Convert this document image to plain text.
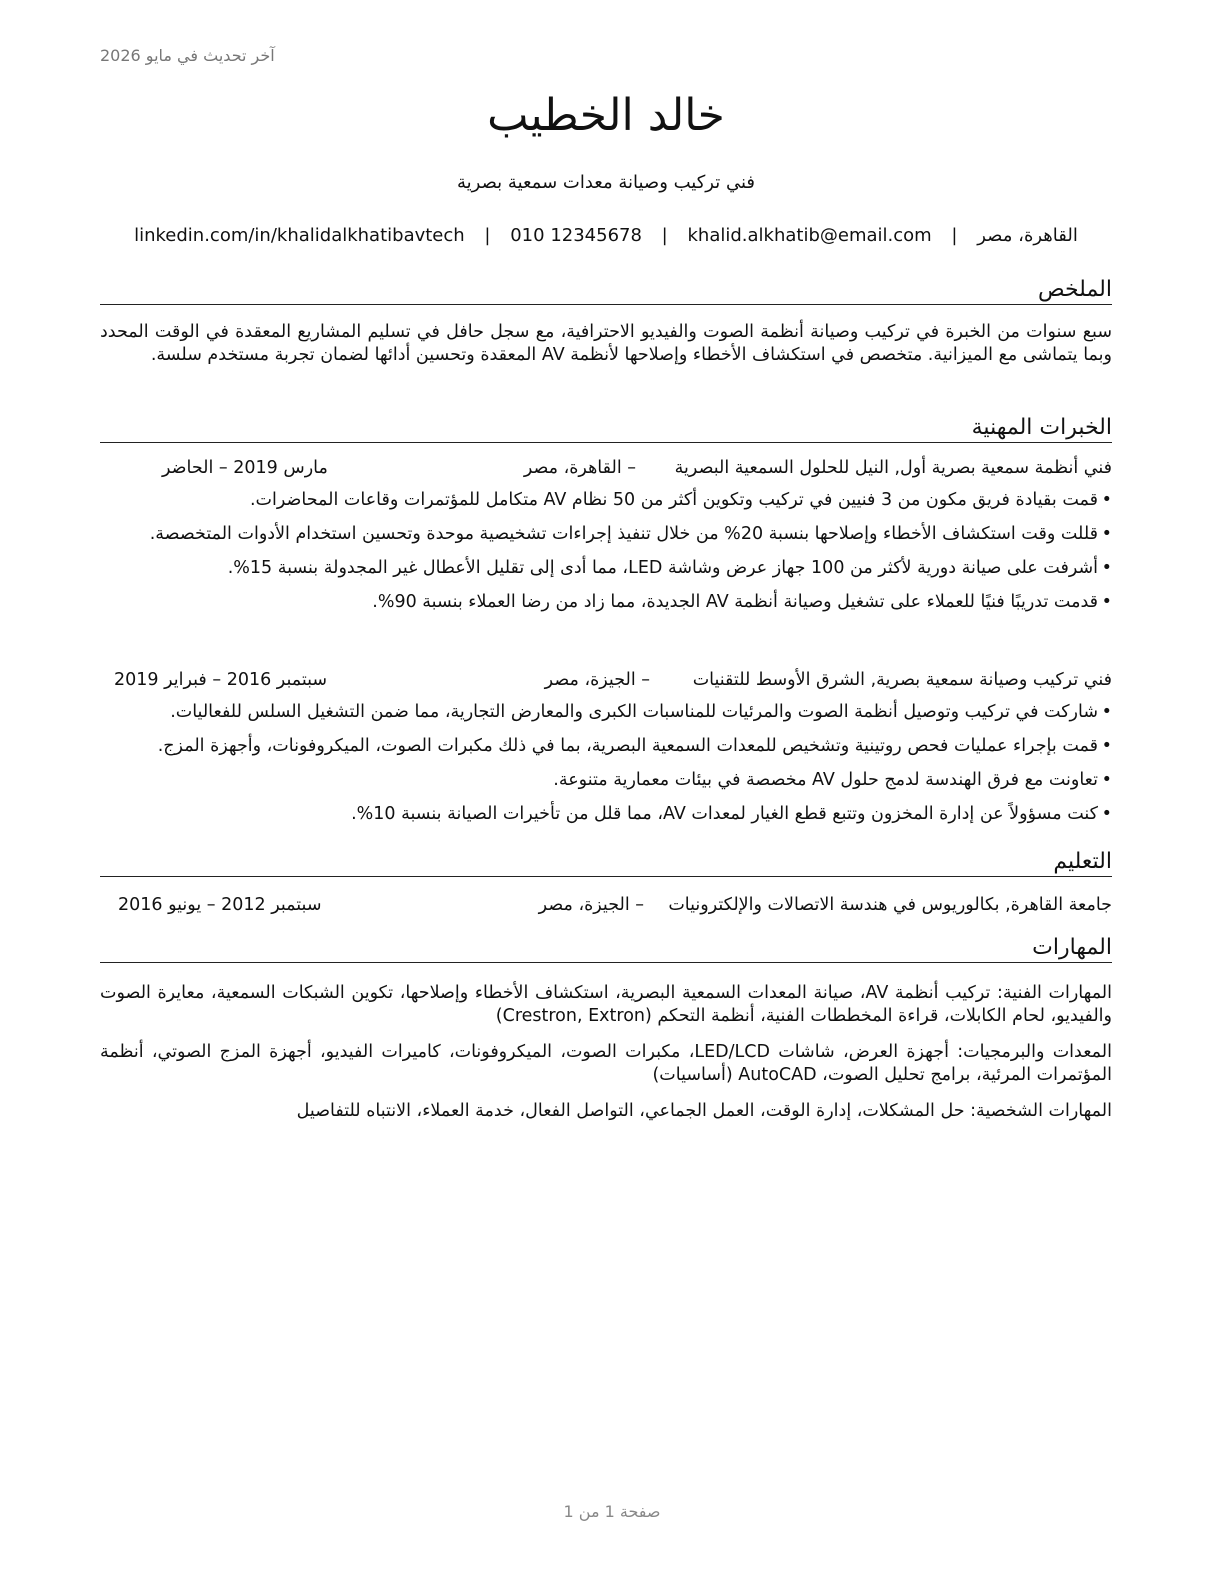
آخر تحديث في مايو 2026
خالد الخطيب
فني تركيب وصيانة معدات سمعية بصرية
القاهرة، مصر | khalid.alkhatib@email.com | 010 12345678 | linkedin.com/in/khalidalkhatibavtech
الملخص
سبع سنوات من الخبرة في تركيب وصيانة أنظمة الصوت والفيديو الاحترافية، مع سجل حافل في تسليم المشاريع المعقدة في الوقت المحدد وبما يتماشى مع الميزانية. متخصص في استكشاف الأخطاء وإصلاحها لأنظمة AV المعقدة وتحسين أدائها لضمان تجربة مستخدم سلسة.
الخبرات المهنية
فني أنظمة سمعية بصرية أول, النيل للحلول السمعية البصرية
– القاهرة، مصر
مارس 2019 – الحاضر
• قمت بقيادة فريق مكون من 3 فنيين في تركيب وتكوين أكثر من 50 نظام AV متكامل للمؤتمرات وقاعات المحاضرات.
• قللت وقت استكشاف الأخطاء وإصلاحها بنسبة 20% من خلال تنفيذ إجراءات تشخيصية موحدة وتحسين استخدام الأدوات المتخصصة.
• أشرفت على صيانة دورية لأكثر من 100 جهاز عرض وشاشة LED، مما أدى إلى تقليل الأعطال غير المجدولة بنسبة 15%.
• قدمت تدريبًا فنيًا للعملاء على تشغيل وصيانة أنظمة AV الجديدة، مما زاد من رضا العملاء بنسبة 90%.
فني تركيب وصيانة سمعية بصرية, الشرق الأوسط للتقنيات
– الجيزة، مصر
سبتمبر 2016 – فبراير 2019
• شاركت في تركيب وتوصيل أنظمة الصوت والمرئيات للمناسبات الكبرى والمعارض التجارية، مما ضمن التشغيل السلس للفعاليات.
• قمت بإجراء عمليات فحص روتينية وتشخيص للمعدات السمعية البصرية، بما في ذلك مكبرات الصوت، الميكروفونات، وأجهزة المزج.
• تعاونت مع فرق الهندسة لدمج حلول AV مخصصة في بيئات معمارية متنوعة.
• كنت مسؤولاً عن إدارة المخزون وتتبع قطع الغيار لمعدات AV، مما قلل من تأخيرات الصيانة بنسبة 10%.
التعليم
جامعة القاهرة, بكالوريوس في هندسة الاتصالات والإلكترونيات
– الجيزة، مصر
سبتمبر 2012 – يونيو 2016
المهارات
المهارات الفنية: تركيب أنظمة AV، صيانة المعدات السمعية البصرية، استكشاف الأخطاء وإصلاحها، تكوين الشبكات السمعية، معايرة الصوت والفيديو، لحام الكابلات، قراءة المخططات الفنية، أنظمة التحكم (Crestron, Extron)
المعدات والبرمجيات: أجهزة العرض، شاشات LED/LCD، مكبرات الصوت، الميكروفونات، كاميرات الفيديو، أجهزة المزج الصوتي، أنظمة المؤتمرات المرئية، برامج تحليل الصوت، AutoCAD (أساسيات)
المهارات الشخصية: حل المشكلات، إدارة الوقت، العمل الجماعي، التواصل الفعال، خدمة العملاء، الانتباه للتفاصيل
صفحة 1 من 1
